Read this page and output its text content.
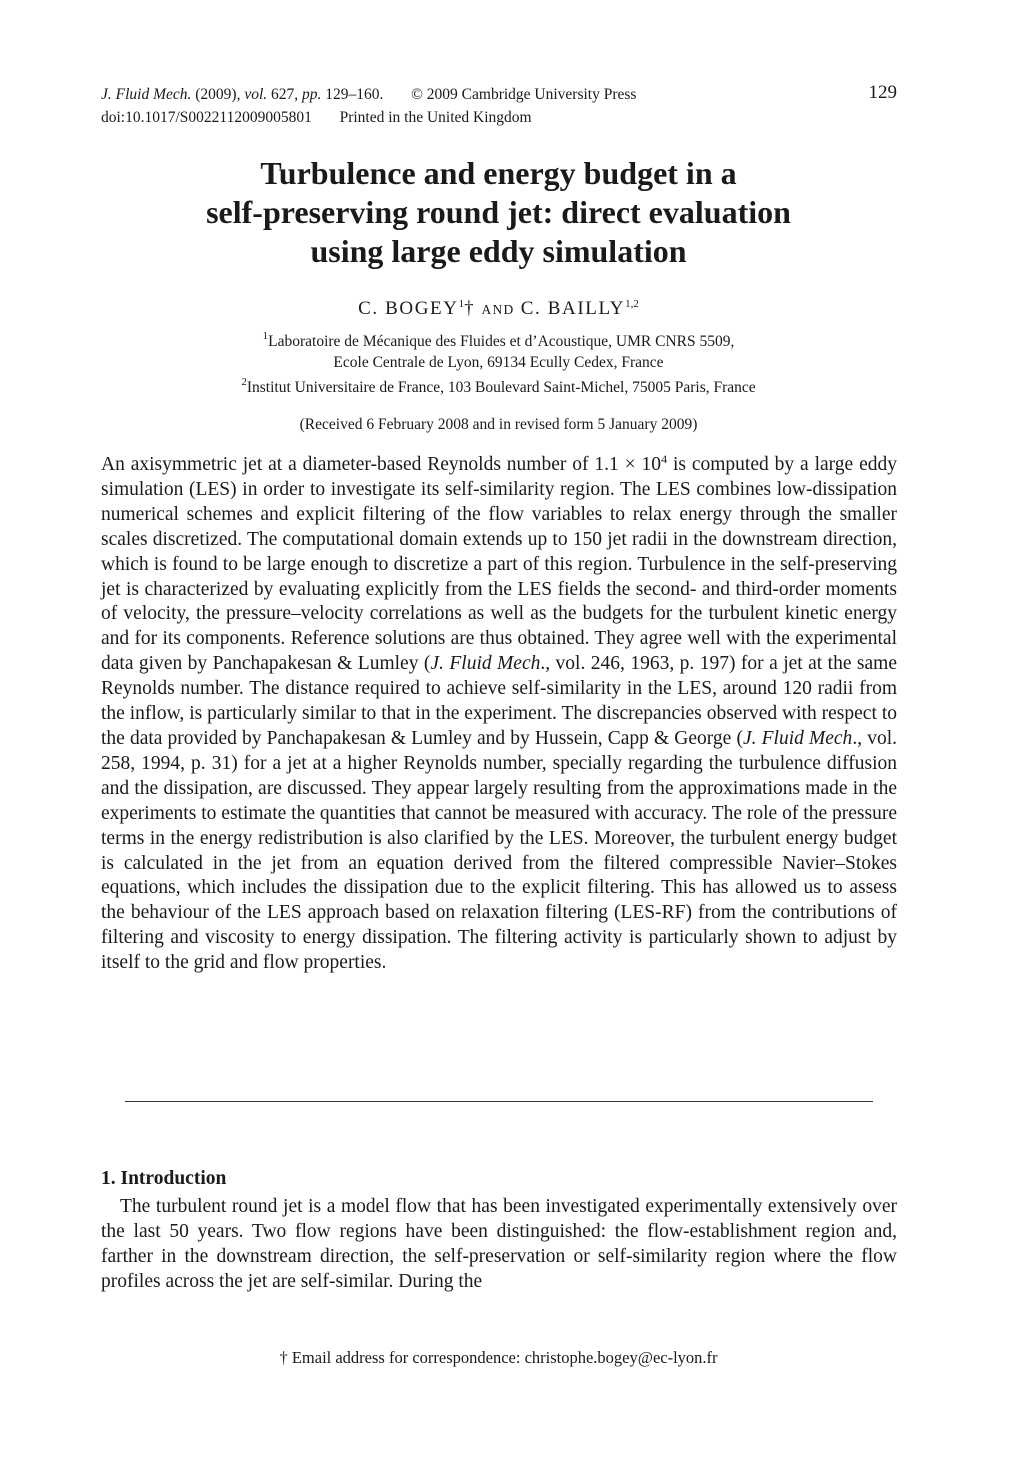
J. Fluid Mech. (2009), vol. 627, pp. 129–160. © 2009 Cambridge University Press
doi:10.1017/S0022112009005801 Printed in the United Kingdom
129
Turbulence and energy budget in a
self-preserving round jet: direct evaluation
using large eddy simulation
C. BOGEY$^1$† AND C. BAILLY$^{1,2}$
$^1$Laboratoire de Mécanique des Fluides et d’Acoustique, UMR CNRS 5509,
Ecole Centrale de Lyon, 69134 Ecully Cedex, France
$^2$Institut Universitaire de France, 103 Boulevard Saint-Michel, 75005 Paris, France
(Received 6 February 2008 and in revised form 5 January 2009)

An axisymmetric jet at a diameter-based Reynolds number of $1.1 \times 10^4$ is computed by a large eddy simulation (LES) in order to investigate its self-similarity region. The LES combines low-dissipation numerical schemes and explicit filtering of the flow variables to relax energy through the smaller scales discretized. The computational domain extends up to 150 jet radii in the downstream direction, which is found to be large enough to discretize a part of this region. Turbulence in the self-preserving jet is characterized by evaluating explicitly from the LES fields the second- and third-order moments of velocity, the pressure–velocity correlations as well as the budgets for the turbulent kinetic energy and for its components. Reference solutions are thus obtained. They agree well with the experimental data given by Panchapakesan & Lumley (J. Fluid Mech., vol. 246, 1963, p. 197) for a jet at the same Reynolds number. The distance required to achieve self-similarity in the LES, around 120 radii from the inflow, is particularly similar to that in the experiment. The discrepancies observed with respect to the data provided by Panchapakesan & Lumley and by Hussein, Capp & George (J. Fluid Mech., vol. 258, 1994, p. 31) for a jet at a higher Reynolds number, specially regarding the turbulence diffusion and the dissipation, are discussed. They appear largely resulting from the approximations made in the experiments to estimate the quantities that cannot be measured with accuracy. The role of the pressure terms in the energy redistribution is also clarified by the LES. Moreover, the turbulent energy budget is calculated in the jet from an equation derived from the filtered compressible Navier–Stokes equations, which includes the dissipation due to the explicit filtering. This has allowed us to assess the behaviour of the LES approach based on relaxation filtering (LES-RF) from the contributions of filtering and viscosity to energy dissipation. The filtering activity is particularly shown to adjust by itself to the grid and flow properties.

1. Introduction

The turbulent round jet is a model flow that has been investigated experimentally extensively over the last 50 years. Two flow regions have been distinguished: the flow-establishment region and, farther in the downstream direction, the self-preservation or self-similarity region where the flow profiles across the jet are self-similar. During the

† Email address for correspondence: christophe.bogey@ec-lyon.fr
